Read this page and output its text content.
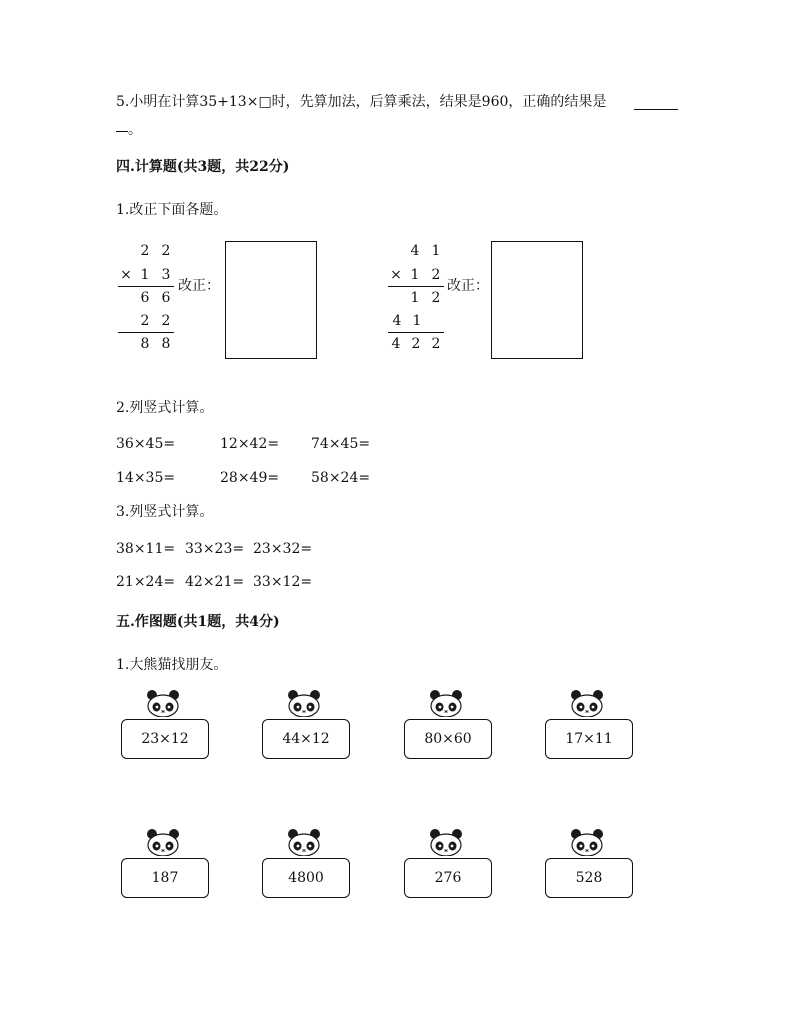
5.小明在计算35+13×□时，先算加法，后算乘法，结果是960，正确的结果是
。
四.计算题(共3题，共22分)
1.改正下面各题。
2 2
× 1 3
6 6
2 2
8 8
改正：
4 1
× 1 2
1 2
4 1
4 2 2
改正：
2.列竖式计算。
36×45=	12×42= 74×45=
14×35=	28×49= 58×24=
3.列竖式计算。
38×11= 33×23= 23×32=
21×24= 42×21= 33×12=
五.作图题(共1题，共4分)
1.大熊猫找朋友。
23×12	44×12	80×60	17×11
187	4800	276	528
